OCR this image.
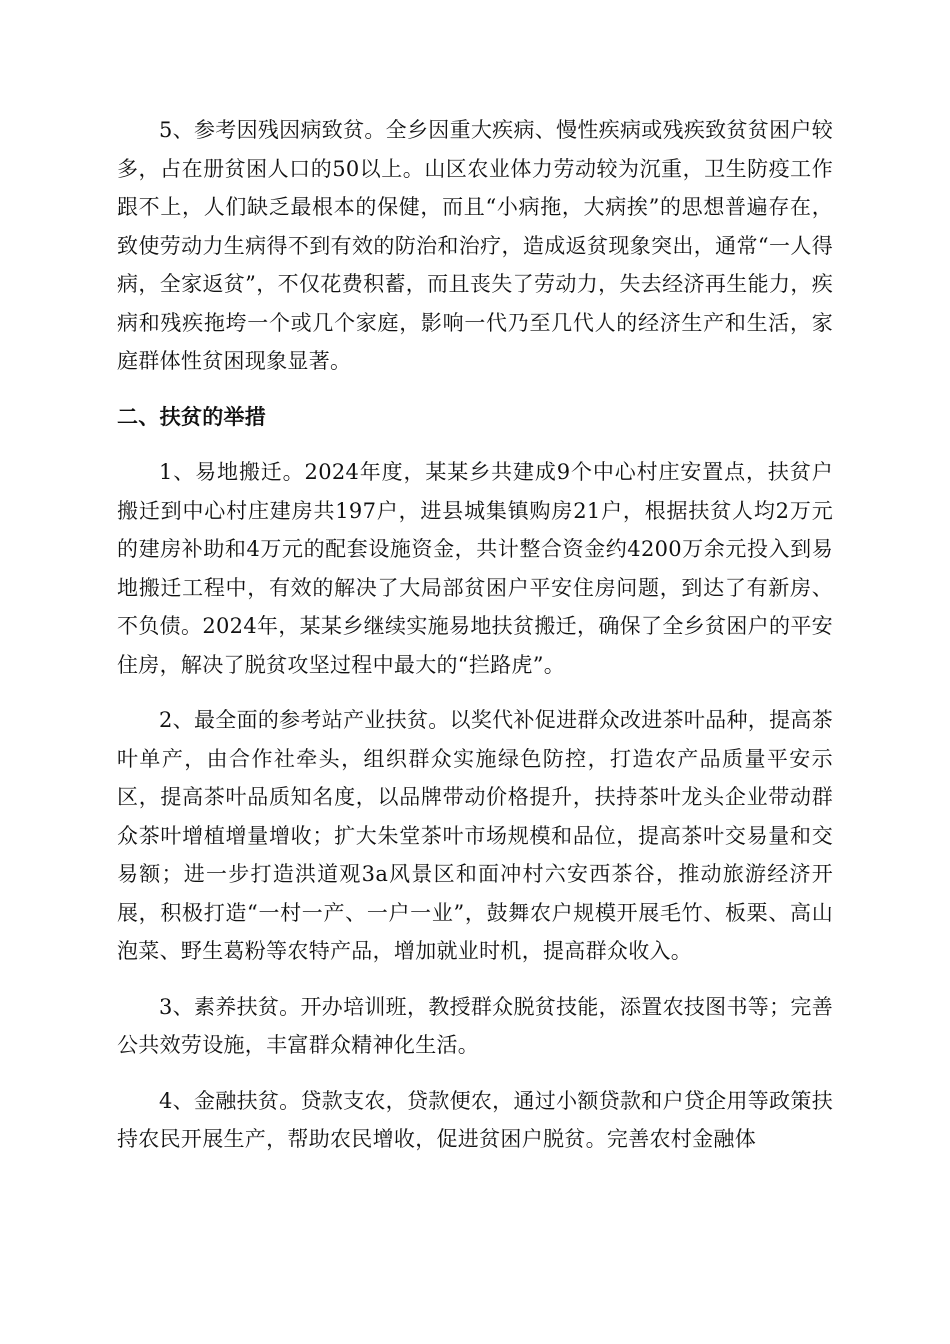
5、参考因残因病致贫。全乡因重大疾病、慢性疾病或残疾致贫贫困户较多，占在册贫困人口的50以上。山区农业体力劳动较为沉重，卫生防疫工作跟不上，人们缺乏最根本的保健，而且“小病拖，大病挨”的思想普遍存在，致使劳动力生病得不到有效的防治和治疗，造成返贫现象突出，通常“一人得病，全家返贫”，不仅花费积蓄，而且丧失了劳动力，失去经济再生能力，疾病和残疾拖垮一个或几个家庭，影响一代乃至几代人的经济生产和生活，家庭群体性贫困现象显著。

二、扶贫的举措

1、易地搬迁。2024年度，某某乡共建成9个中心村庄安置点，扶贫户搬迁到中心村庄建房共197户，进县城集镇购房21户，根据扶贫人均2万元的建房补助和4万元的配套设施资金，共计整合资金约4200万余元投入到易地搬迁工程中，有效的解决了大局部贫困户平安住房问题，到达了有新房、不负债。2024年，某某乡继续实施易地扶贫搬迁，确保了全乡贫困户的平安住房，解决了脱贫攻坚过程中最大的“拦路虎”。

2、最全面的参考站产业扶贫。以奖代补促进群众改进茶叶品种，提高茶叶单产，由合作社牵头，组织群众实施绿色防控，打造农产品质量平安示区，提高茶叶品质知名度，以品牌带动价格提升，扶持茶叶龙头企业带动群众茶叶增植增量增收；扩大朱堂茶叶市场规模和品位，提高茶叶交易量和交易额；进一步打造洪道观3a风景区和面冲村六安西茶谷，推动旅游经济开展，积极打造“一村一产、一户一业”，鼓舞农户规模开展毛竹、板栗、高山泡菜、野生葛粉等农特产品，增加就业时机，提高群众收入。

3、素养扶贫。开办培训班，教授群众脱贫技能，添置农技图书等；完善公共效劳设施，丰富群众精神化生活。

4、金融扶贫。贷款支农，贷款便农，通过小额贷款和户贷企用等政策扶持农民开展生产，帮助农民增收，促进贫困户脱贫。完善农村金融体
